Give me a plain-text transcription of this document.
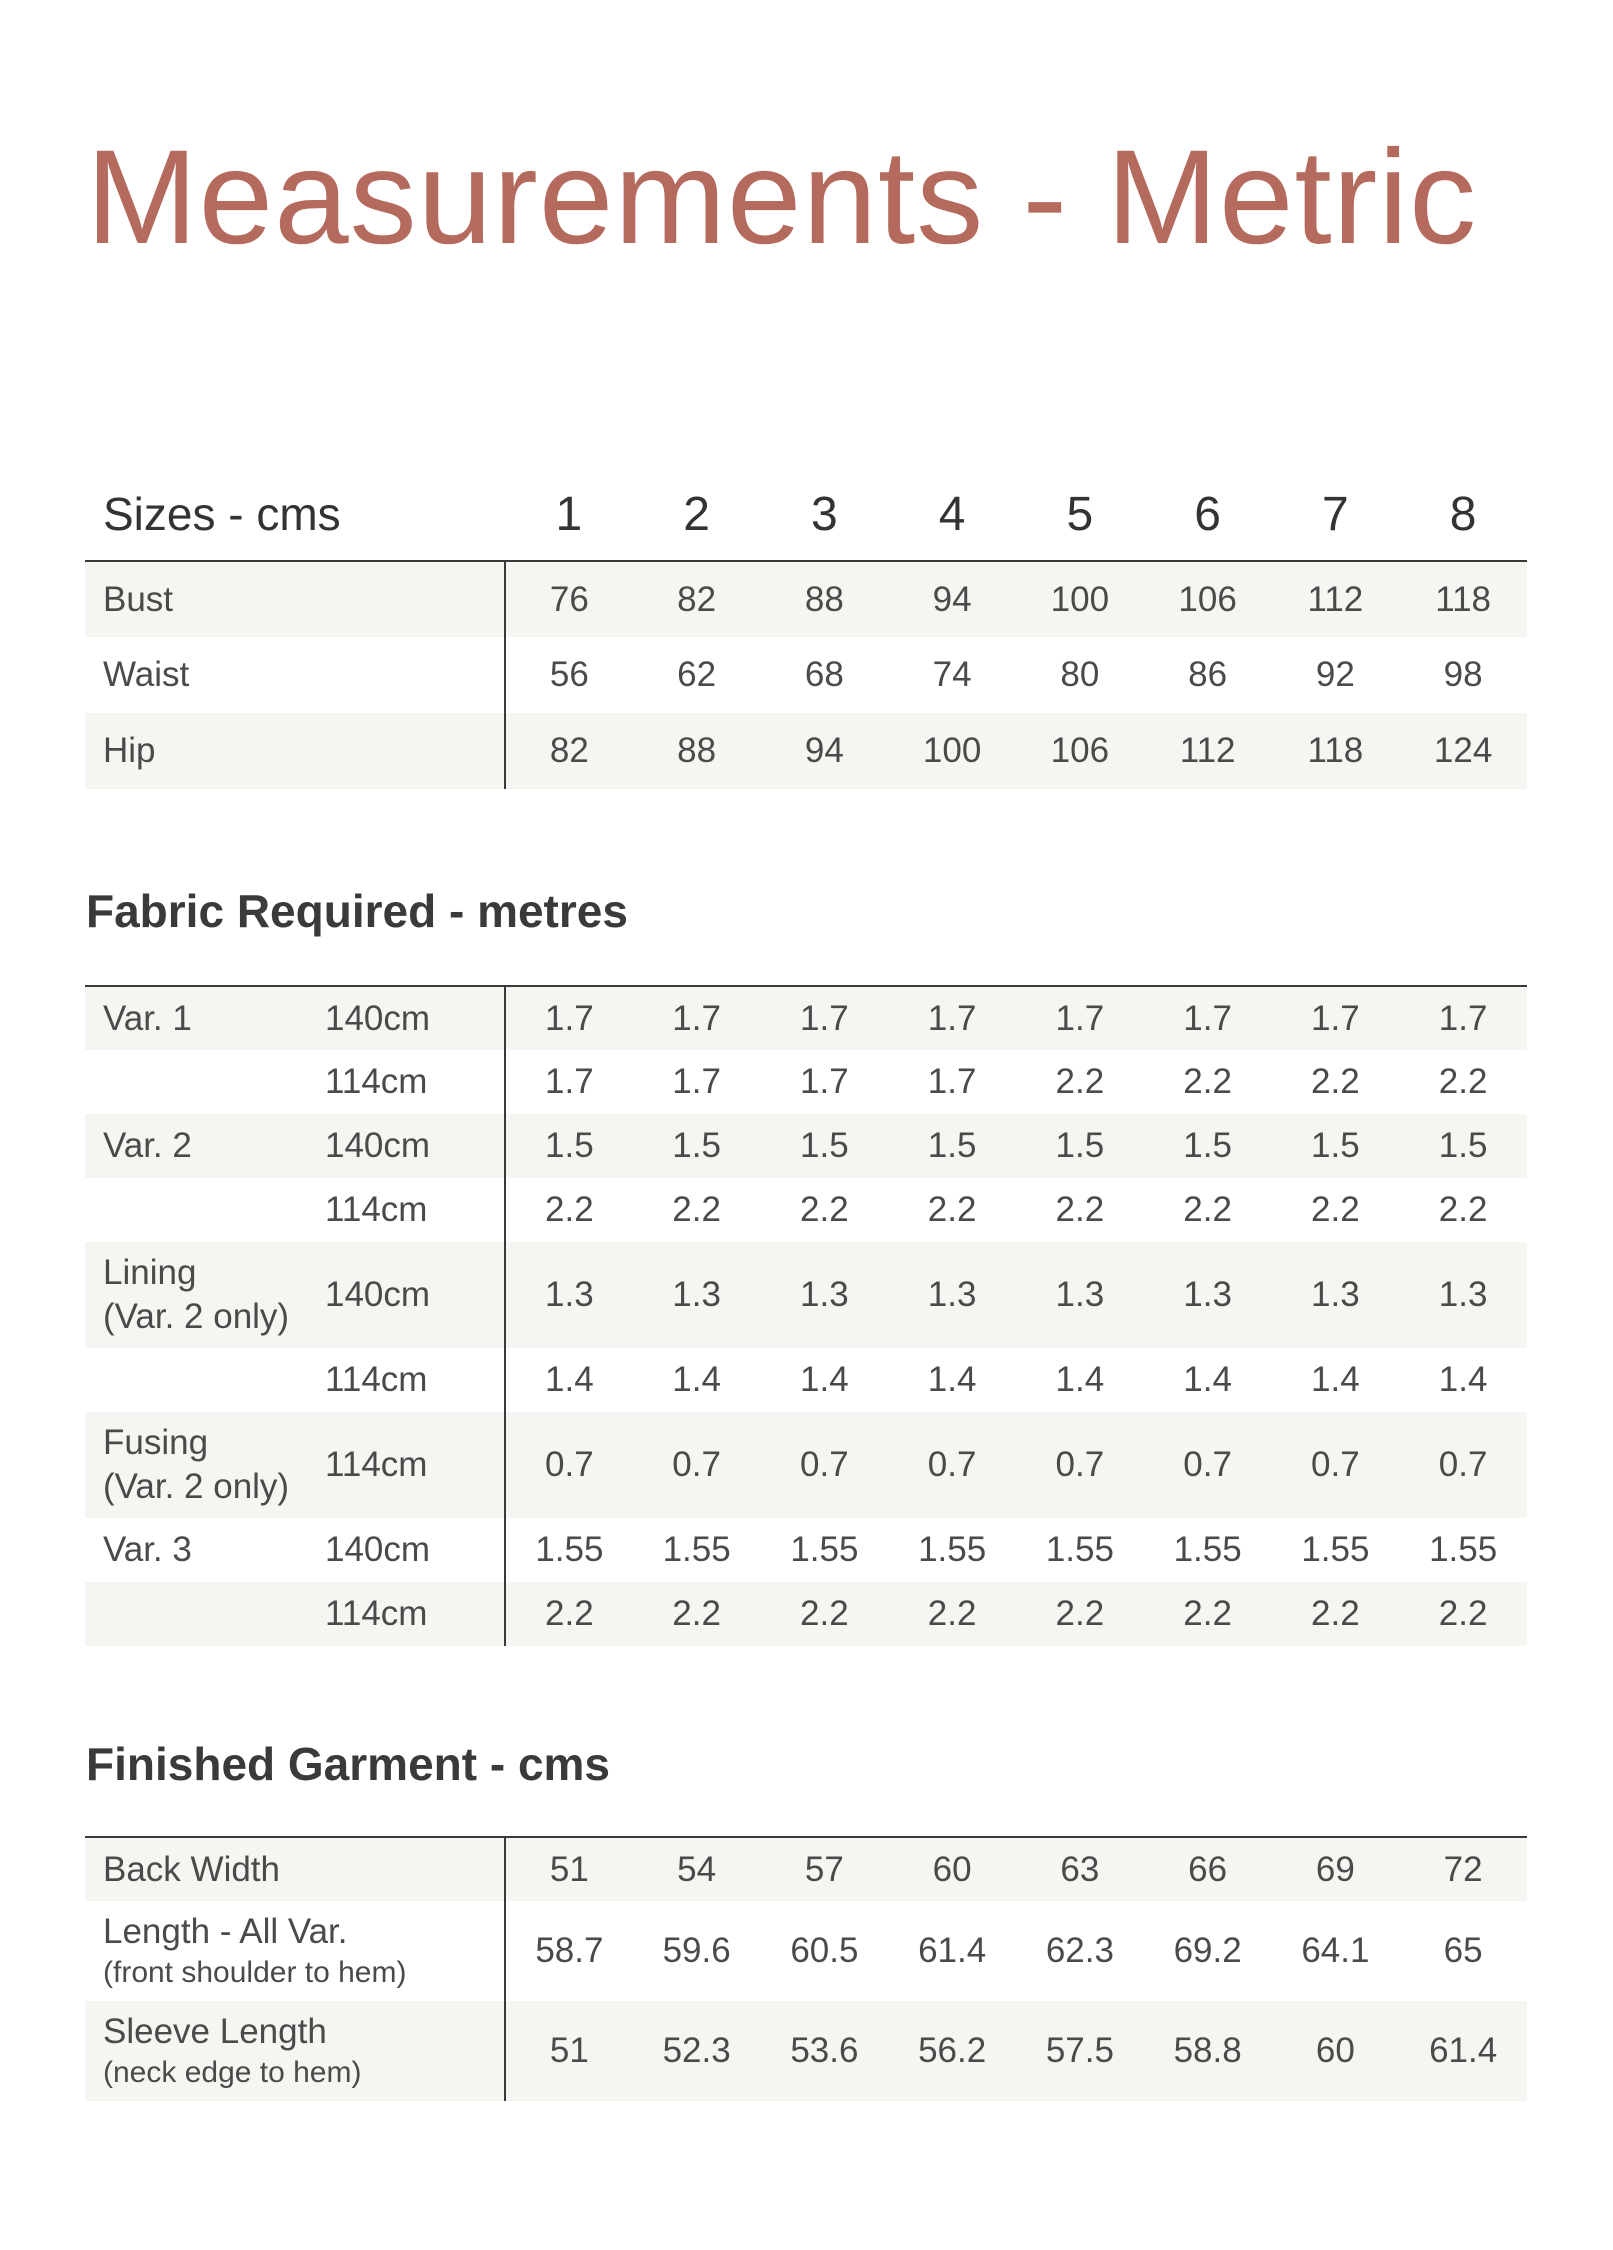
Measurements - Metric
Sizes - cms	1	2	3	4	5	6	7	8
Bust	76	82	88	94	100	106	112	118
Waist	56	62	68	74	80	86	92	98
Hip	82	88	94	100	106	112	118	124
Fabric Required - metres
Var. 1	140cm	1.7	1.7	1.7	1.7	1.7	1.7	1.7	1.7

	114cm	1.7	1.7	1.7	1.7	2.2	2.2	2.2	2.2

Var. 2	140cm	1.5	1.5	1.5	1.5	1.5	1.5	1.5	1.5

	114cm	2.2	2.2	2.2	2.2	2.2	2.2	2.2	2.2

Lining
(Var. 2 only)	140cm	1.3	1.3	1.3	1.3	1.3	1.3	1.3	1.3

	114cm	1.4	1.4	1.4	1.4	1.4	1.4	1.4	1.4

Fusing
(Var. 2 only)	114cm	0.7	0.7	0.7	0.7	0.7	0.7	0.7	0.7

Var. 3	140cm	1.55	1.55	1.55	1.55	1.55	1.55	1.55	1.55

	114cm	2.2	2.2	2.2	2.2	2.2	2.2	2.2	2.2
Finished Garment - cms
Back Width	51	54	57	60	63	66	69	72

Length - All Var.
(front shoulder to hem)	58.7	59.6	60.5	61.4	62.3	69.2	64.1	65

Sleeve Length
(neck edge to hem)	51	52.3	53.6	56.2	57.5	58.8	60	61.4
